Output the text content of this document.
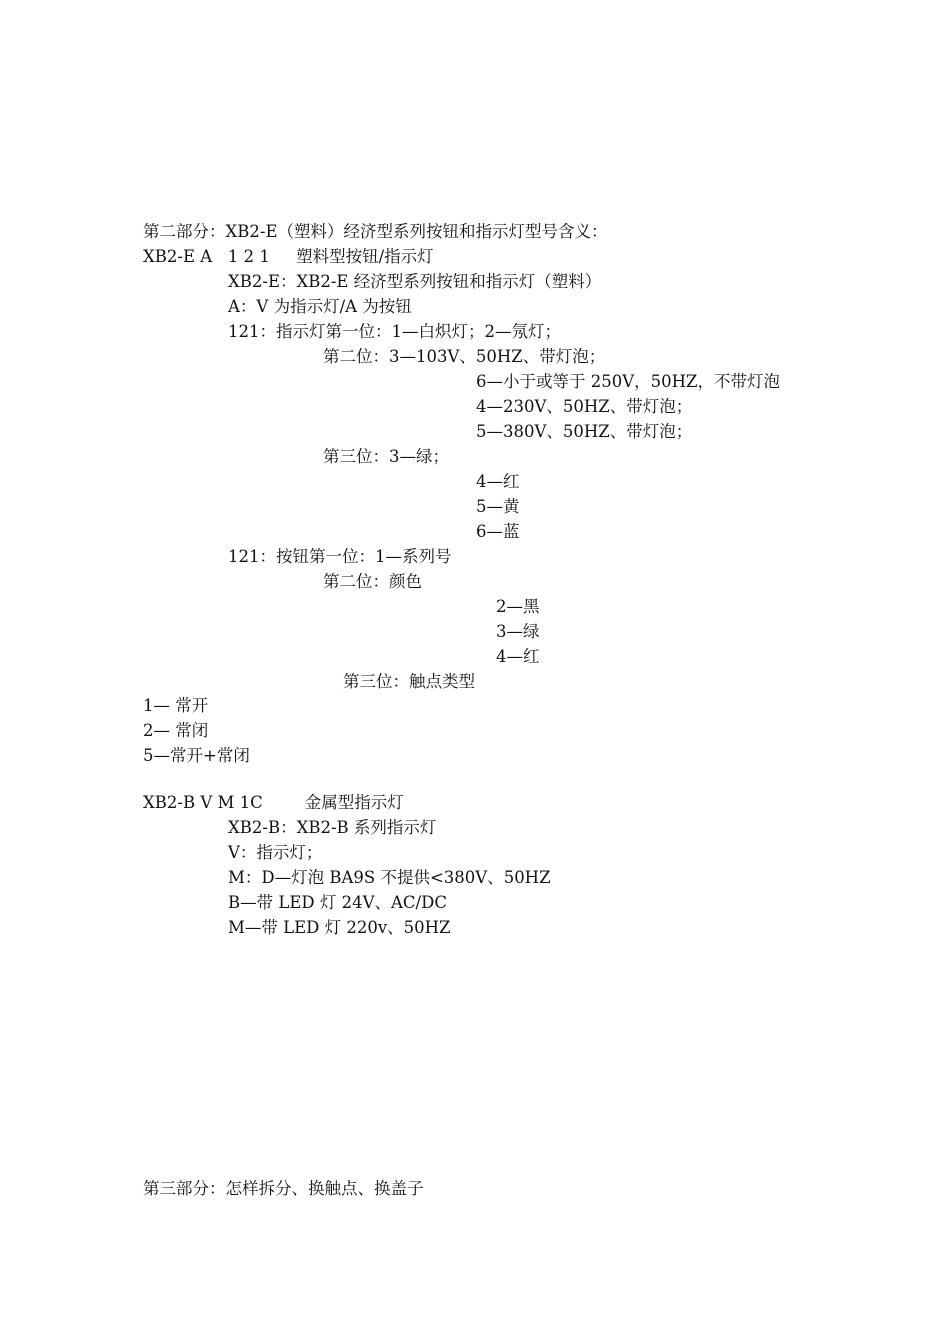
第二部分：XB2-E（塑料）经济型系列按钮和指示灯型号含义：
XB2-E A   1 2 1     塑料型按钮/指示灯
XB2-E：XB2-E 经济型系列按钮和指示灯（塑料）
A：V 为指示灯/A 为按钮
121：指示灯第一位：1—白炽灯；2—氖灯；
第二位：3—103V、50HZ、带灯泡；
6—小于或等于 250V，50HZ，不带灯泡
4—230V、50HZ、带灯泡；
5—380V、50HZ、带灯泡；
第三位：3—绿；
4—红
5—黄
6—蓝
121：按钮第一位：1—系列号
第二位：颜色
2—黑
3—绿
4—红
第三位：触点类型
1— 常开
2— 常闭
5—常开+常闭
XB2-B V M 1C        金属型指示灯
XB2-B：XB2-B 系列指示灯
V：指示灯；
M：D—灯泡 BA9S 不提供<380V、50HZ
B—带 LED 灯 24V、AC/DC
M—带 LED 灯 220v、50HZ
第三部分：怎样拆分、换触点、换盖子
